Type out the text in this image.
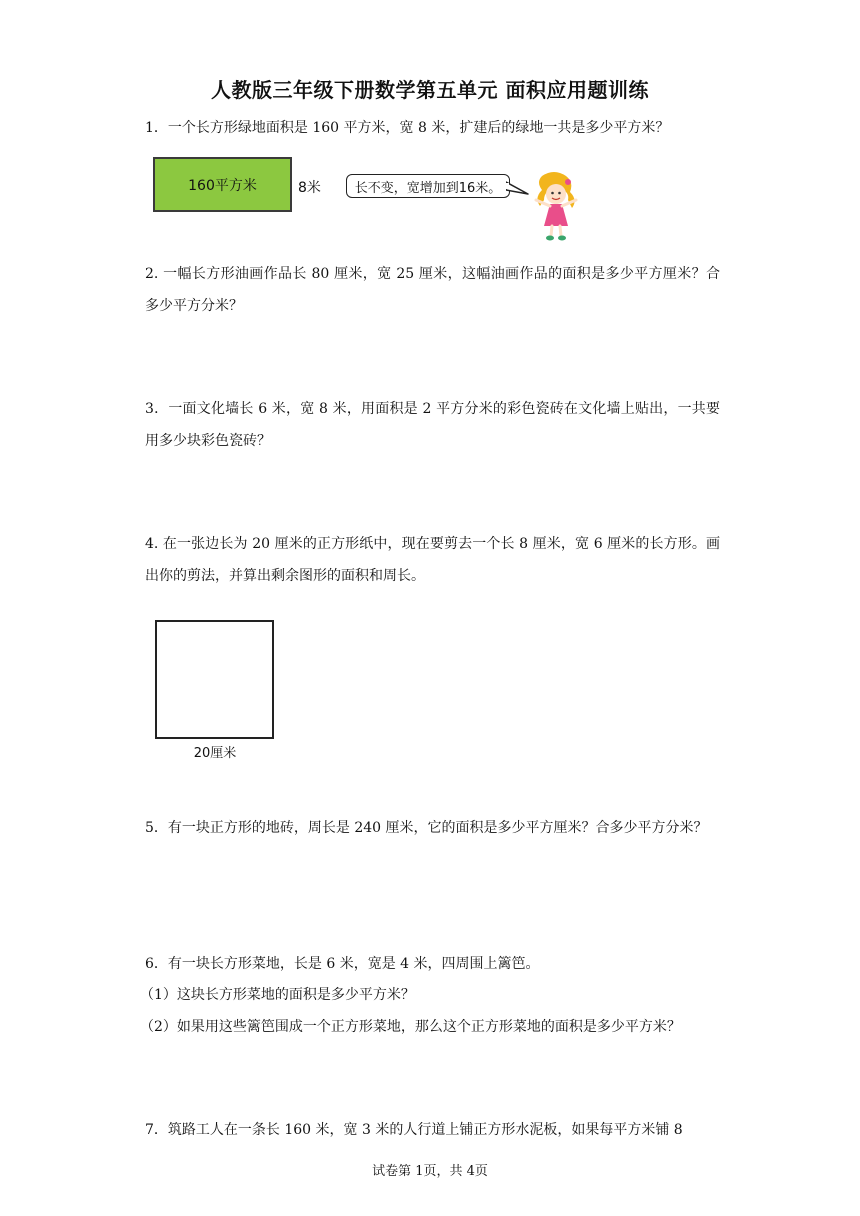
人教版三年级下册数学第五单元 面积应用题训练
1．一个长方形绿地面积是 160 平方米，宽 8 米，扩建后的绿地一共是多少平方米？
160平方米	8米	长不变，宽增加到16米。
2. 一幅长方形油画作品长 80 厘米，宽 25 厘米，这幅油画作品的面积是多少平方厘米？合多少平方分米？
3．一面文化墙长 6 米，宽 8 米，用面积是 2 平方分米的彩色瓷砖在文化墙上贴出，一共要用多少块彩色瓷砖？
4. 在一张边长为 20 厘米的正方形纸中，现在要剪去一个长 8 厘米，宽 6 厘米的长方形。画出你的剪法，并算出剩余图形的面积和周长。
20厘米
5．有一块正方形的地砖，周长是 240 厘米，它的面积是多少平方厘米？合多少平方分米？
6．有一块长方形菜地，长是 6 米，宽是 4 米，四周围上篱笆。
（1）这块长方形菜地的面积是多少平方米？
（2）如果用这些篱笆围成一个正方形菜地，那么这个正方形菜地的面积是多少平方米？
7．筑路工人在一条长 160 米，宽 3 米的人行道上铺正方形水泥板，如果每平方米铺 8
试卷第 1页，共 4页
